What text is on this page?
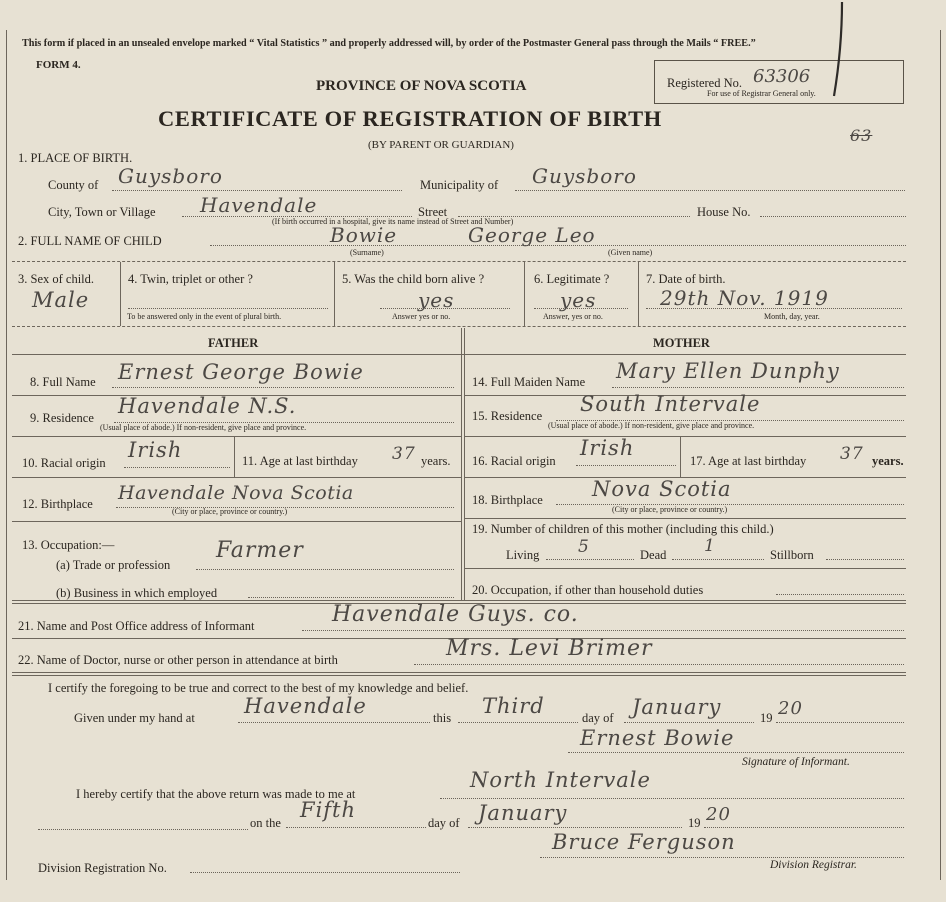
This form if placed in an unsealed envelope marked “ Vital Statistics ” and properly addressed will, by order of the Postmaster General pass through the Mails “ FREE.”
FORM 4.
PROVINCE OF NOVA SCOTIA
CERTIFICATE OF REGISTRATION OF BIRTH
(BY PARENT OR GUARDIAN)
Registered No. 63306
For use of Registrar General only.
63
1. PLACE OF BIRTH.
County of Guysboro	Municipality of Guysboro
City, Town or Village Havendale	Street	House No.
(If birth occurred in a hospital, give its name instead of Street and Number)
2. FULL NAME OF CHILD	Bowie	George Leo
(Surname)	(Given name)
3. Sex of child.
Male
4. Twin, triplet or other ?
To be answered only in the event of plural birth.
5. Was the child born alive ?
yes
Answer yes or no.
6. Legitimate ?
yes
Answer, yes or no.
7. Date of birth.
29th Nov. 1919
Month, day, year.
FATHER	MOTHER
8. Full Name Ernest George Bowie
9. Residence Havendale N.S.
(Usual place of abode.) If non-resident, give place and province.
10. Racial origin
Irish	11. Age at last birthday 37 years.
12. Birthplace Havendale Nova Scotia
(City or place, province or country.)
13. Occupation:—
(a) Trade or profession
Farmer
(b) Business in which employed
14. Full Maiden Name Mary Ellen Dunphy
15. Residence South Intervale
(Usual place of abode.) If non-resident, give place and province.
16. Racial origin
Irish
17. Age at last birthday 37 years.
18. Birthplace Nova Scotia
(City or place, province or country.)
19. Number of children of this mother (including this child.)
Living 5	Dead 1	Stillborn
20. Occupation, if other than household duties
21. Name and Post Office address of Informant	Havendale Guys. co.
22. Name of Doctor, nurse or other person in attendance at birth	Mrs. Levi Brimer
I certify the foregoing to be true and correct to the best of my knowledge and belief.
Given under my hand at Havendale	this Third	day of January	19 20
Ernest Bowie
Signature of Informant.
I hereby certify that the above return was made to me at
North Intervale
on the
Fifth
day of January	19 20
Division Registration No.
Bruce Ferguson
Division Registrar.
